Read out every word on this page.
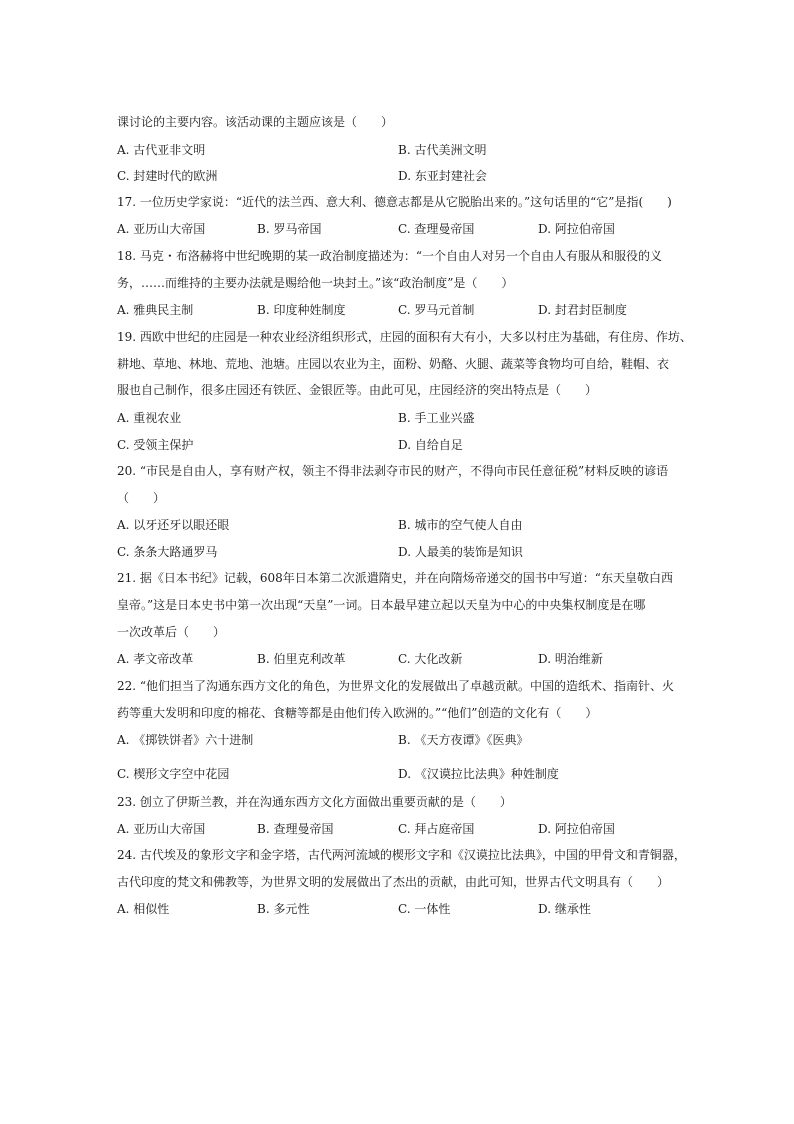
课讨论的主要内容。该活动课的主题应该是（　　）
A. 古代亚非文明	B. 古代美洲文明
C. 封建时代的欧洲	D. 东亚封建社会
17. 一位历史学家说：“近代的法兰西、意大利、德意志都是从它脱胎出来的。”这句话里的“它”是指(　　)
A. 亚历山大帝国	B. 罗马帝国	C. 查理曼帝国	D. 阿拉伯帝国
18. 马克・布洛赫将中世纪晚期的某一政治制度描述为：“一个自由人对另一个自由人有服从和服役的义
务，……而维持的主要办法就是赐给他一块封土。”该“政治制度”是（　　）
A. 雅典民主制	B. 印度种姓制度	C. 罗马元首制	D. 封君封臣制度
19. 西欧中世纪的庄园是一种农业经济组织形式，庄园的面积有大有小，大多以村庄为基础，有住房、作坊、
耕地、草地、林地、荒地、池塘。庄园以农业为主，面粉、奶酪、火腿、蔬菜等食物均可自给，鞋帽、衣
服也自己制作，很多庄园还有铁匠、金银匠等。由此可见，庄园经济的突出特点是（　　）
A. 重视农业	B. 手工业兴盛
C. 受领主保护	D. 自给自足
20. “市民是自由人，享有财产权，领主不得非法剥夺市民的财产，不得向市民任意征税”材料反映的谚语
（　　）
A. 以牙还牙以眼还眼	B. 城市的空气使人自由
C. 条条大路通罗马	D. 人最美的装饰是知识
21. 据《日本书纪》记载，608年日本第二次派遣隋史，并在向隋炀帝递交的国书中写道：“东天皇敬白西
皇帝。”这是日本史书中第一次出现“天皇”一词。日本最早建立起以天皇为中心的中央集权制度是在哪
一次改革后（　　）
A. 孝文帝改革	B. 伯里克利改革	C. 大化改新	D. 明治维新
22. “他们担当了沟通东西方文化的角色，为世界文化的发展做出了卓越贡献。中国的造纸术、指南针、火
药等重大发明和印度的棉花、食糖等都是由他们传入欧洲的。”“他们”创造的文化有（　　）
A. 《掷铁饼者》六十进制	B. 《天方夜谭》《医典》
C. 楔形文字空中花园	D. 《汉谟拉比法典》种姓制度
23. 创立了伊斯兰教，并在沟通东西方文化方面做出重要贡献的是（　　）
A. 亚历山大帝国	B. 查理曼帝国	C. 拜占庭帝国	D. 阿拉伯帝国
24. 古代埃及的象形文字和金字塔，古代两河流域的楔形文字和《汉谟拉比法典》，中国的甲骨文和青铜器，
古代印度的梵文和佛教等，为世界文明的发展做出了杰出的贡献，由此可知，世界古代文明具有（　　）
A. 相似性	B. 多元性	C. 一体性	D. 继承性
